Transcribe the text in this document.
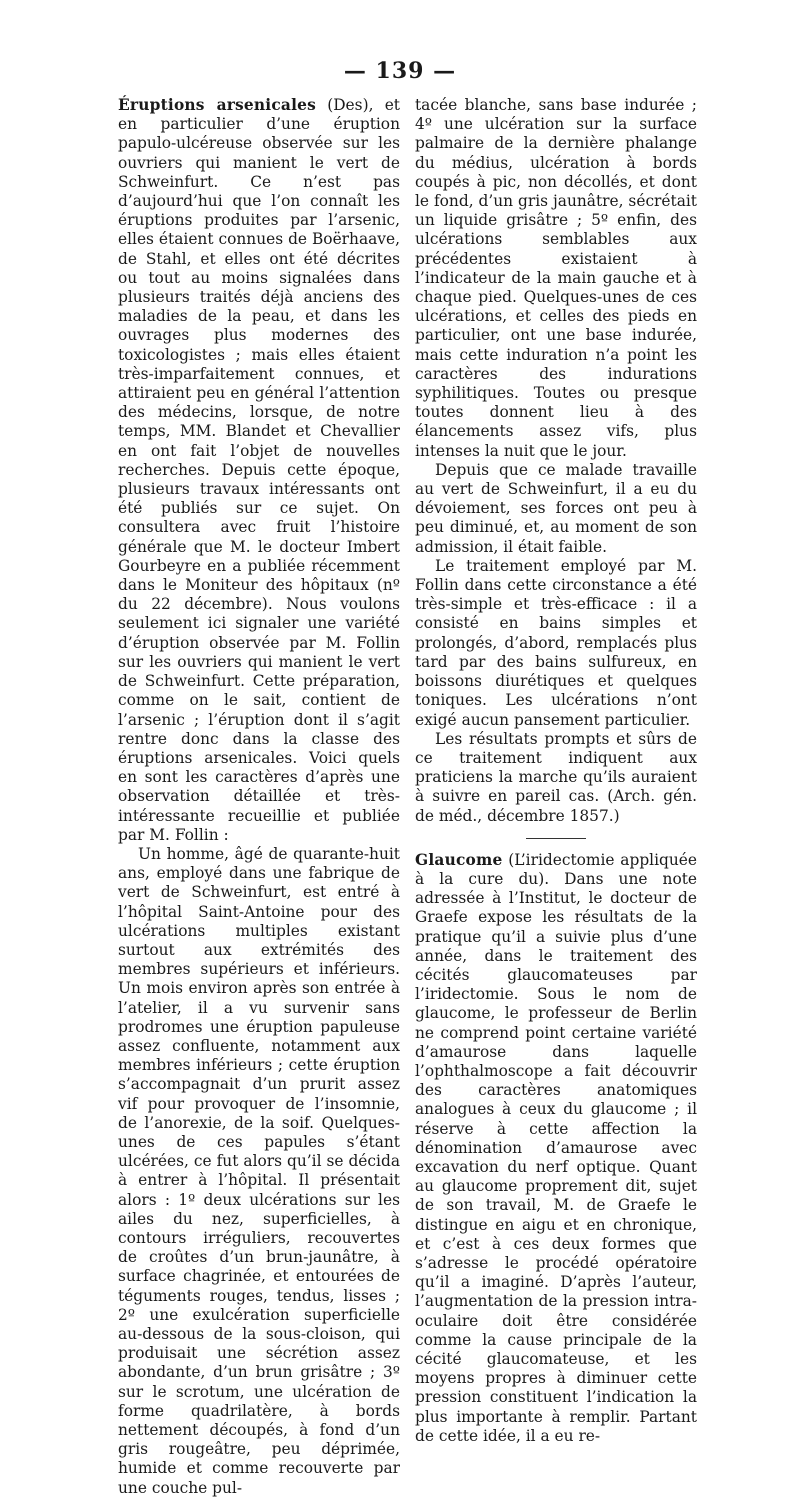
— 139 —

Éruptions arsenicales (Des), et en particulier d’une éruption papulo-ulcéreuse observée sur les ouvriers qui manient le vert de Schweinfurt. Ce n’est pas d’aujourd’hui que l’on connaît les éruptions produites par l’arsenic, elles étaient connues de Boërhaave, de Stahl, et elles ont été décrites ou tout au moins signalées dans plusieurs traités déjà anciens des maladies de la peau, et dans les ouvrages plus modernes des toxicologistes ; mais elles étaient très-imparfaitement connues, et attiraient peu en général l’attention des médecins, lorsque, de notre temps, MM. Blandet et Chevallier en ont fait l’objet de nouvelles recherches. Depuis cette époque, plusieurs travaux intéressants ont été publiés sur ce sujet. On consultera avec fruit l’histoire générale que M. le docteur Imbert Gourbeyre en a publiée récemment dans le Moniteur des hôpitaux (nº du 22 décembre). Nous voulons seulement ici signaler une variété d’éruption observée par M. Follin sur les ouvriers qui manient le vert de Schweinfurt. Cette préparation, comme on le sait, contient de l’arsenic ; l’éruption dont il s’agit rentre donc dans la classe des éruptions arsenicales. Voici quels en sont les caractères d’après une observation détaillée et très-intéressante recueillie et publiée par M. Follin :

Un homme, âgé de quarante-huit ans, employé dans une fabrique de vert de Schweinfurt, est entré à l’hôpital Saint-Antoine pour des ulcérations multiples existant surtout aux extrémités des membres supérieurs et inférieurs. Un mois environ après son entrée à l’atelier, il a vu survenir sans prodromes une éruption papuleuse assez confluente, notamment aux membres inférieurs ; cette éruption s’accompagnait d’un prurit assez vif pour provoquer de l’insomnie, de l’anorexie, de la soif. Quelques-unes de ces papules s’étant ulcérées, ce fut alors qu’il se décida à entrer à l’hôpital. Il présentait alors : 1º deux ulcérations sur les ailes du nez, superficielles, à contours irréguliers, recouvertes de croûtes d’un brun-jaunâtre, à surface chagrinée, et entourées de téguments rouges, tendus, lisses ; 2º une exulcération superficielle au-dessous de la sous-cloison, qui produisait une sécrétion assez abondante, d’un brun grisâtre ; 3º sur le scrotum, une ulcération de forme quadrilatère, à bords nettement découpés, à fond d’un gris rougeâtre, peu déprimée, humide et comme recouverte par une couche pul-

tacée blanche, sans base indurée ; 4º une ulcération sur la surface palmaire de la dernière phalange du médius, ulcération à bords coupés à pic, non décollés, et dont le fond, d’un gris jaunâtre, sécrétait un liquide grisâtre ; 5º enfin, des ulcérations semblables aux précédentes existaient à l’indicateur de la main gauche et à chaque pied. Quelques-unes de ces ulcérations, et celles des pieds en particulier, ont une base indurée, mais cette induration n’a point les caractères des indurations syphilitiques. Toutes ou presque toutes donnent lieu à des élancements assez vifs, plus intenses la nuit que le jour.

Depuis que ce malade travaille au vert de Schweinfurt, il a eu du dévoiement, ses forces ont peu à peu diminué, et, au moment de son admission, il était faible.

Le traitement employé par M. Follin dans cette circonstance a été très-simple et très-efficace : il a consisté en bains simples et prolongés, d’abord, remplacés plus tard par des bains sulfureux, en boissons diurétiques et quelques toniques. Les ulcérations n’ont exigé aucun pansement particulier.

Les résultats prompts et sûrs de ce traitement indiquent aux praticiens la marche qu’ils auraient à suivre en pareil cas. (Arch. gén. de méd., décembre 1857.)

Glaucome (L’iridectomie appliquée à la cure du). Dans une note adressée à l’Institut, le docteur de Graefe expose les résultats de la pratique qu’il a suivie plus d’une année, dans le traitement des cécités glaucomateuses par l’iridectomie. Sous le nom de glaucome, le professeur de Berlin ne comprend point certaine variété d’amaurose dans laquelle l’ophthalmoscope a fait découvrir des caractères anatomiques analogues à ceux du glaucome ; il réserve à cette affection la dénomination d’amaurose avec excavation du nerf optique. Quant au glaucome proprement dit, sujet de son travail, M. de Graefe le distingue en aigu et en chronique, et c’est à ces deux formes que s’adresse le procédé opératoire qu’il a imaginé. D’après l’auteur, l’augmentation de la pression intra-oculaire doit être considérée comme la cause principale de la cécité glaucomateuse, et les moyens propres à diminuer cette pression constituent l’indication la plus importante à remplir. Partant de cette idée, il a eu re-
